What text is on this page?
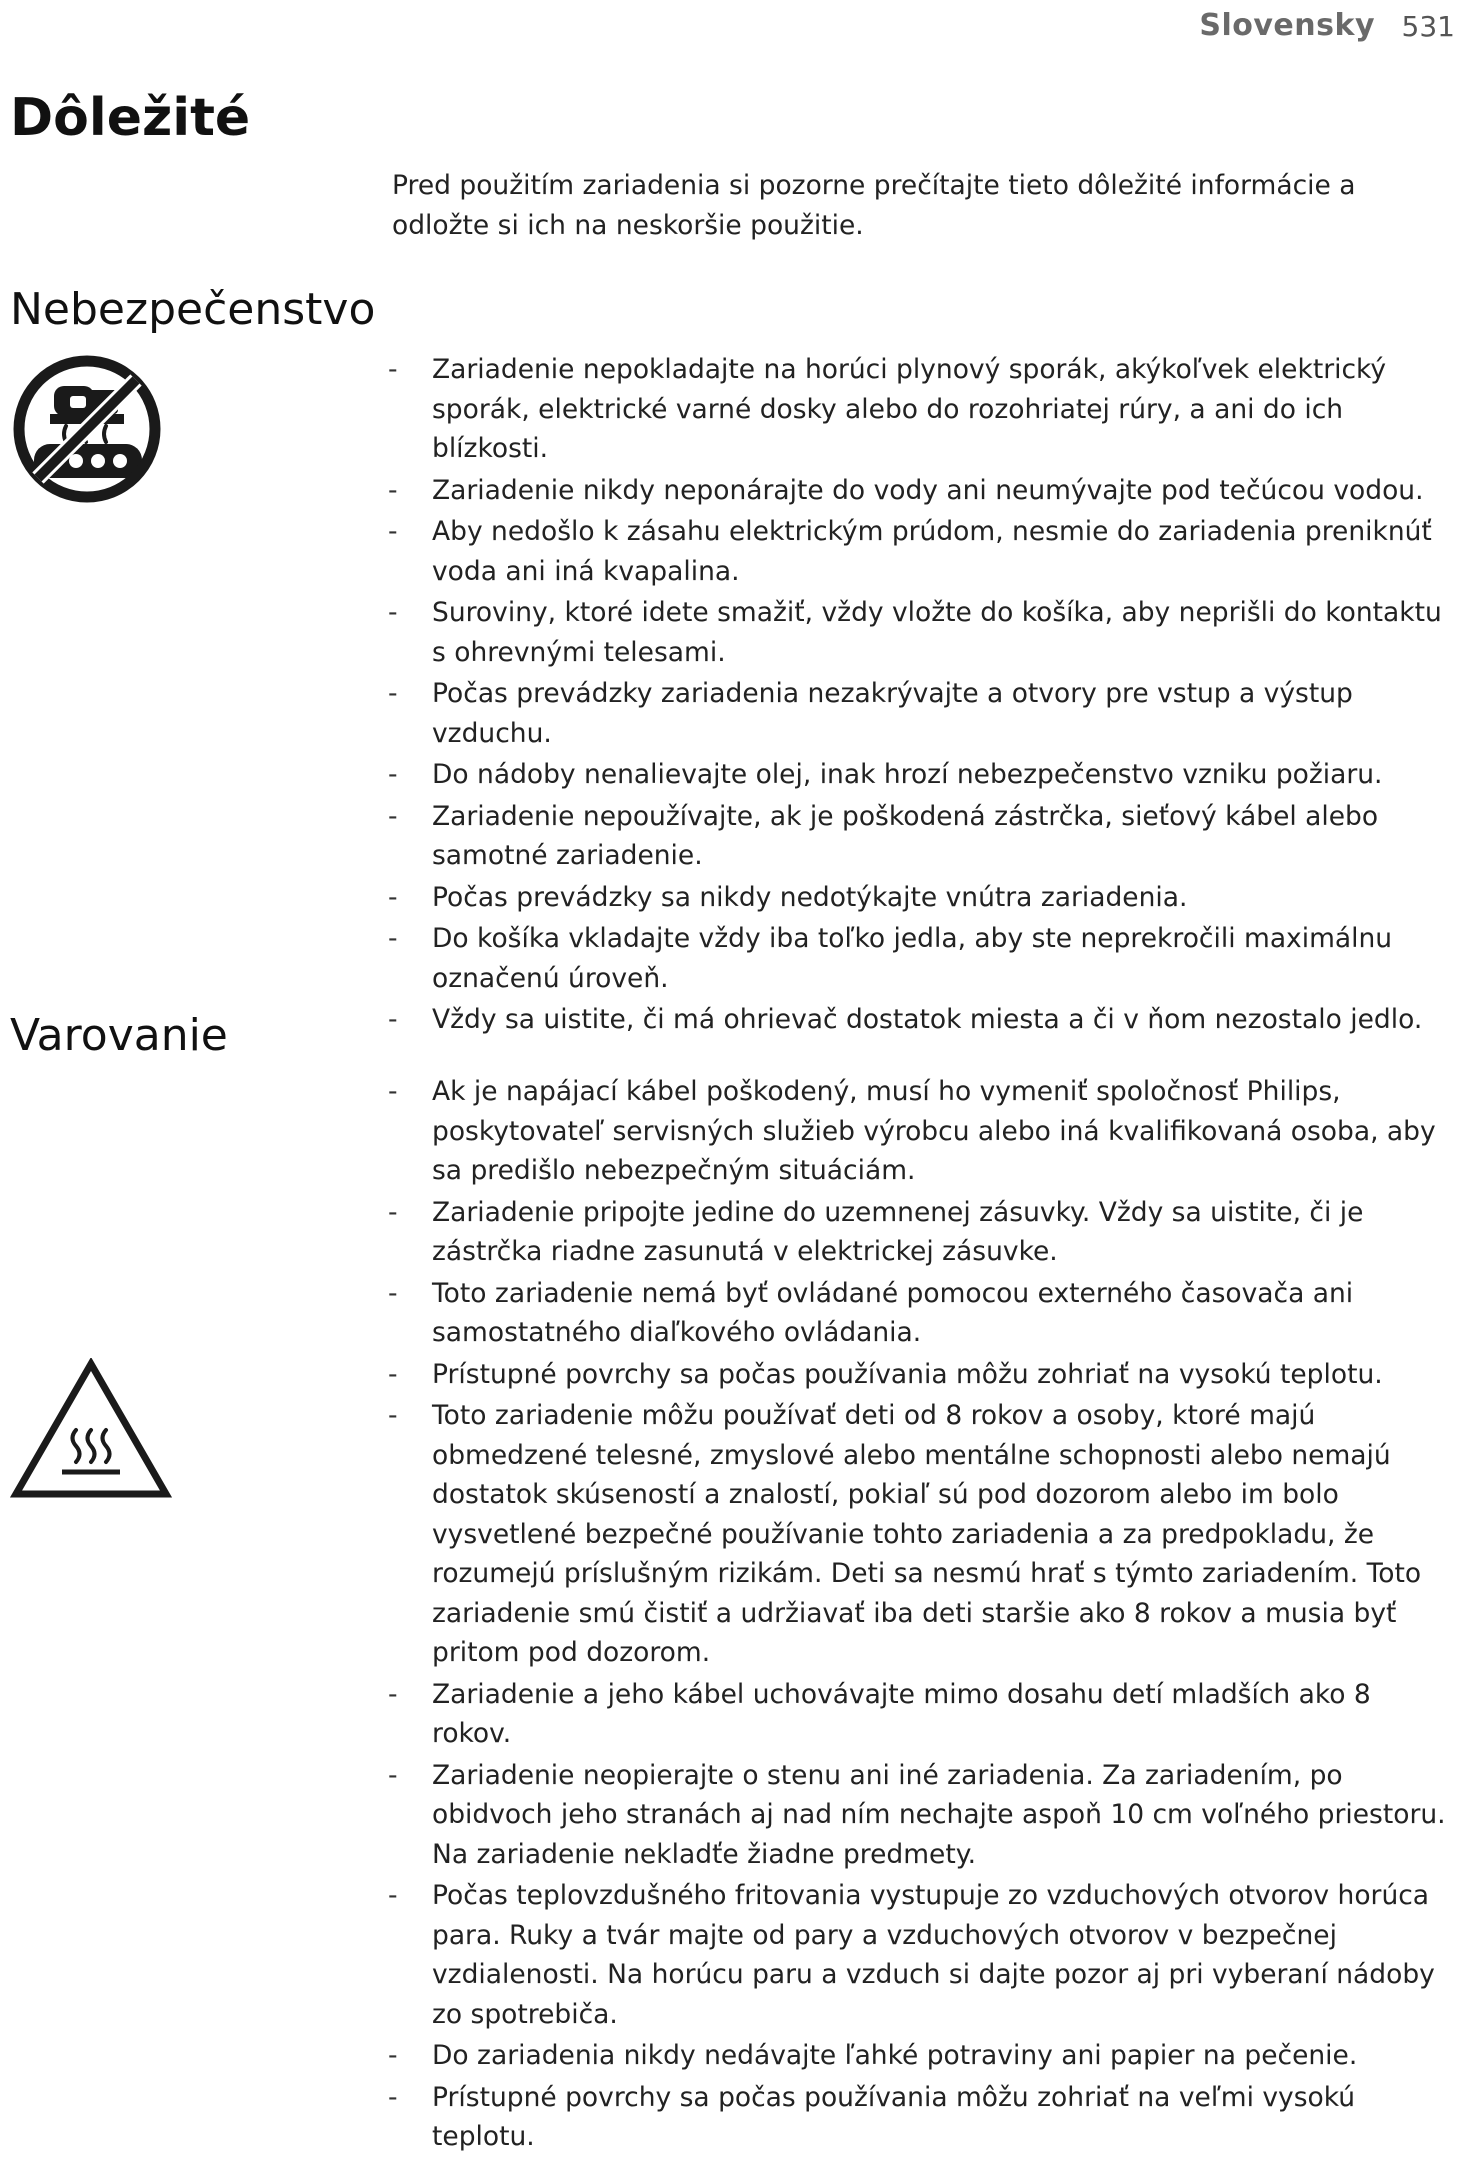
Slovensky 531
Dôležité
Pred použitím zariadenia si pozorne prečítajte tieto dôležité informácie a odložte si ich na neskoršie použitie.
Nebezpečenstvo
- Zariadenie nepokladajte na horúci plynový sporák, akýkoľvek elektrický sporák, elektrické varné dosky alebo do rozohriatej rúry, a ani do ich blízkosti.
- Zariadenie nikdy neponárajte do vody ani neumývajte pod tečúcou vodou.
- Aby nedošlo k zásahu elektrickým prúdom, nesmie do zariadenia preniknúť voda ani iná kvapalina.
- Suroviny, ktoré idete smažiť, vždy vložte do košíka, aby neprišli do kontaktu s ohrevnými telesami.
- Počas prevádzky zariadenia nezakrývajte a otvory pre vstup a výstup vzduchu.
- Do nádoby nenalievajte olej, inak hrozí nebezpečenstvo vzniku požiaru.
- Zariadenie nepoužívajte, ak je poškodená zástrčka, sieťový kábel alebo samotné zariadenie.
- Počas prevádzky sa nikdy nedotýkajte vnútra zariadenia.
- Do košíka vkladajte vždy iba toľko jedla, aby ste neprekročili maximálnu označenú úroveň.
- Vždy sa uistite, či má ohrievač dostatok miesta a či v ňom nezostalo jedlo.
Varovanie
- Ak je napájací kábel poškodený, musí ho vymeniť spoločnosť Philips, poskytovateľ servisných služieb výrobcu alebo iná kvalifikovaná osoba, aby sa predišlo nebezpečným situáciám.
- Zariadenie pripojte jedine do uzemnenej zásuvky. Vždy sa uistite, či je zástrčka riadne zasunutá v elektrickej zásuvke.
- Toto zariadenie nemá byť ovládané pomocou externého časovača ani samostatného diaľkového ovládania.
- Prístupné povrchy sa počas používania môžu zohriať na vysokú teplotu.
- Toto zariadenie môžu používať deti od 8 rokov a osoby, ktoré majú obmedzené telesné, zmyslové alebo mentálne schopnosti alebo nemajú dostatok skúseností a znalostí, pokiaľ sú pod dozorom alebo im bolo vysvetlené bezpečné používanie tohto zariadenia a za predpokladu, že rozumejú príslušným rizikám. Deti sa nesmú hrať s týmto zariadením. Toto zariadenie smú čistiť a udržiavať iba deti staršie ako 8 rokov a musia byť pritom pod dozorom.
- Zariadenie a jeho kábel uchovávajte mimo dosahu detí mladších ako 8 rokov.
- Zariadenie neopierajte o stenu ani iné zariadenia. Za zariadením, po obidvoch jeho stranách aj nad ním nechajte aspoň 10 cm voľného priestoru. Na zariadenie nekladťe žiadne predmety.
- Počas teplovzdušného fritovania vystupuje zo vzduchových otvorov horúca para. Ruky a tvár majte od pary a vzduchových otvorov v bezpečnej vzdialenosti. Na horúcu paru a vzduch si dajte pozor aj pri vyberaní nádoby zo spotrebiča.
- Do zariadenia nikdy nedávajte ľahké potraviny ani papier na pečenie.
- Prístupné povrchy sa počas používania môžu zohriať na veľmi vysokú teplotu.
